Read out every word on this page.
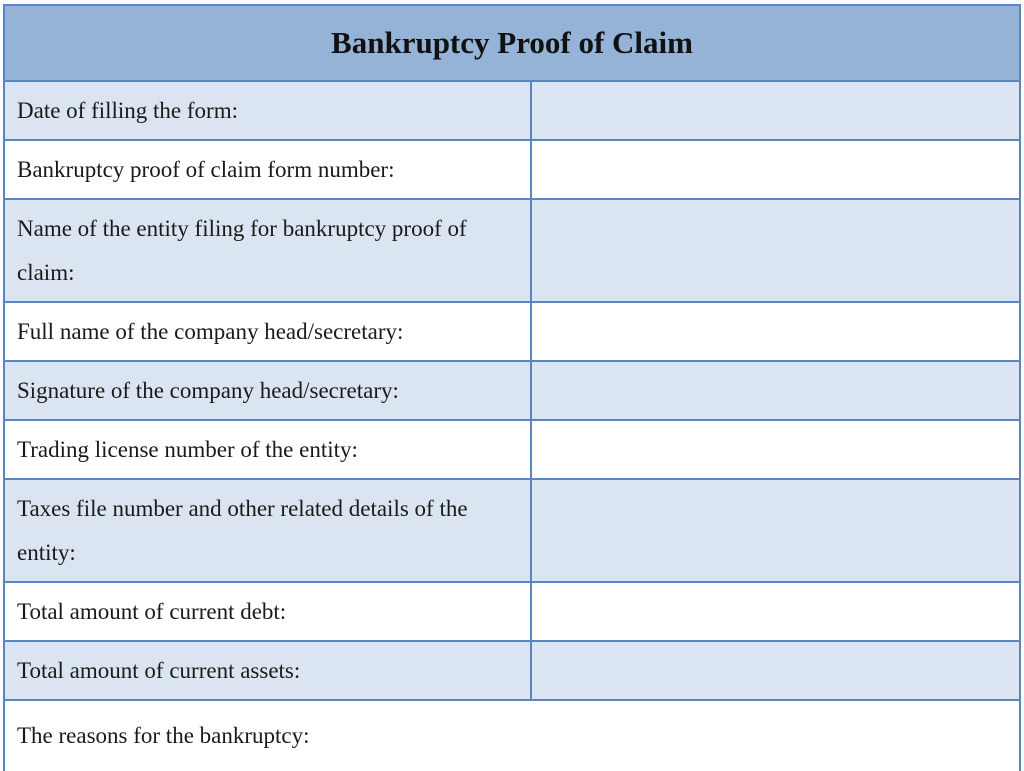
Bankruptcy Proof of Claim	
Date of filling the form:	
Bankruptcy proof of claim form number:	
Name of the entity filing for bankruptcy proof of claim:	
Full name of the company head/secretary:	
Signature of the company head/secretary:	
Trading license number of the entity:	
Taxes file number and other related details of the entity:	
Total amount of current debt:	
Total amount of current assets:	
The reasons for the bankruptcy:	
